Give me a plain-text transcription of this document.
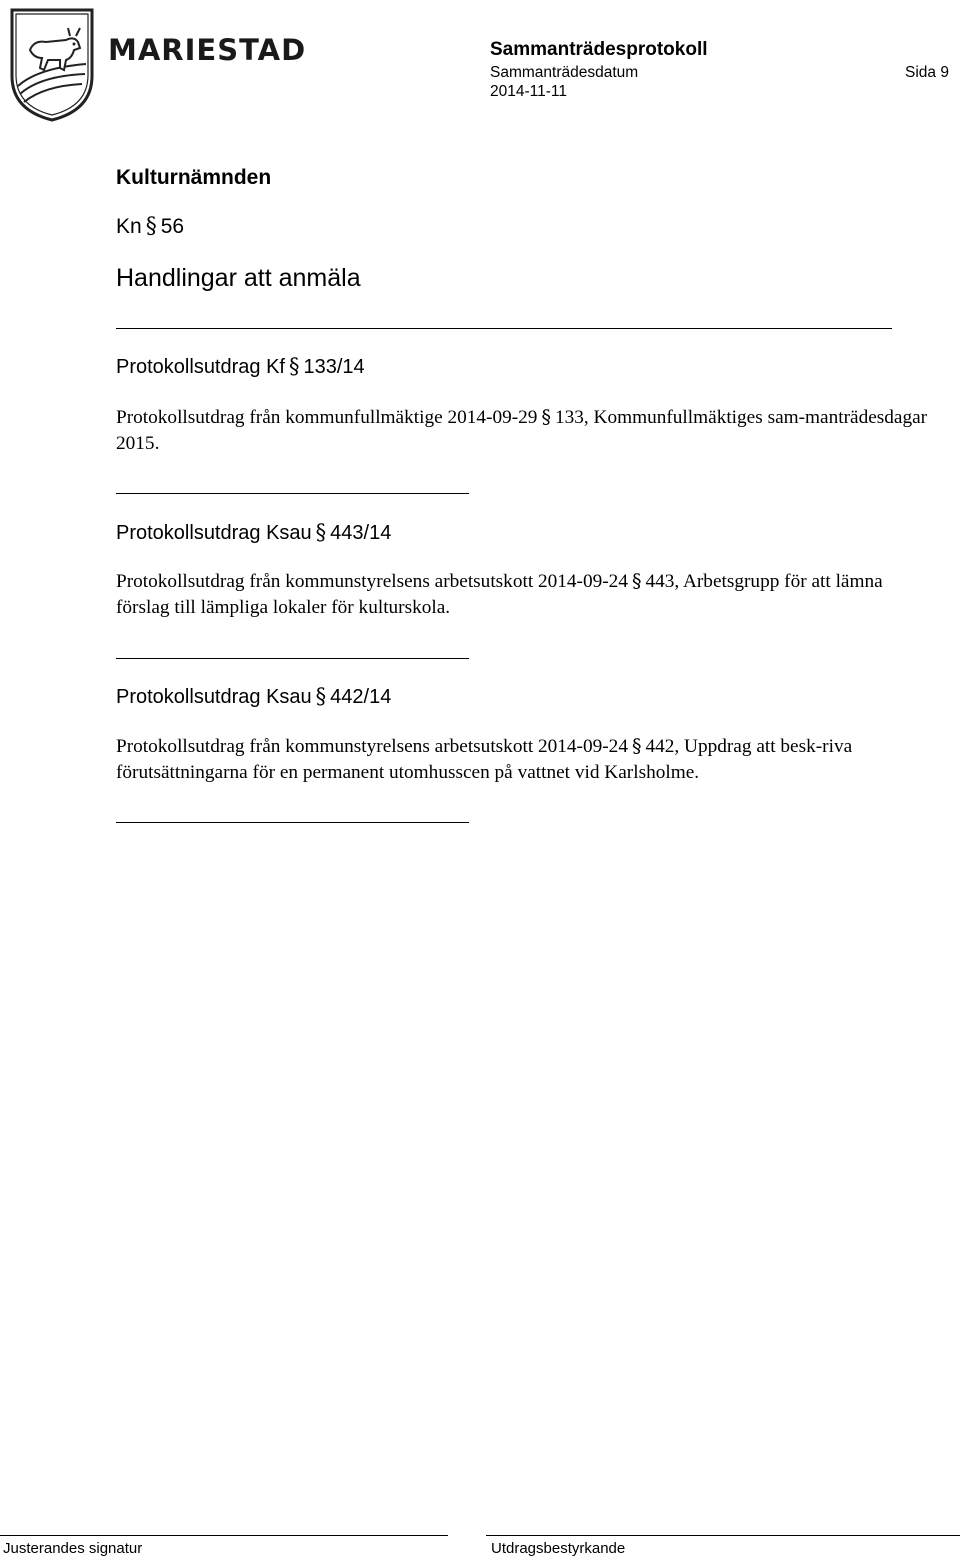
MARIESTAD	Sammanträdesprotokoll
Sammanträdesdatum	Sida 9
2014-11-11
Kulturnämnden
Kn § 56
Handlingar att anmäla
Protokollsutdrag Kf § 133/14
Protokollsutdrag från kommunfullmäktige 2014-09-29 § 133, Kommunfullmäktiges sam-manträdesdagar 2015.
Protokollsutdrag Ksau § 443/14
Protokollsutdrag från kommunstyrelsens arbetsutskott 2014-09-24 § 443, Arbetsgrupp för att lämna förslag till lämpliga lokaler för kulturskola.
Protokollsutdrag Ksau § 442/14
Protokollsutdrag från kommunstyrelsens arbetsutskott 2014-09-24 § 442, Uppdrag att besk-riva förutsättningarna för en permanent utomhusscen på vattnet vid Karlsholme.
Justerandes signatur	Utdragsbestyrkande
